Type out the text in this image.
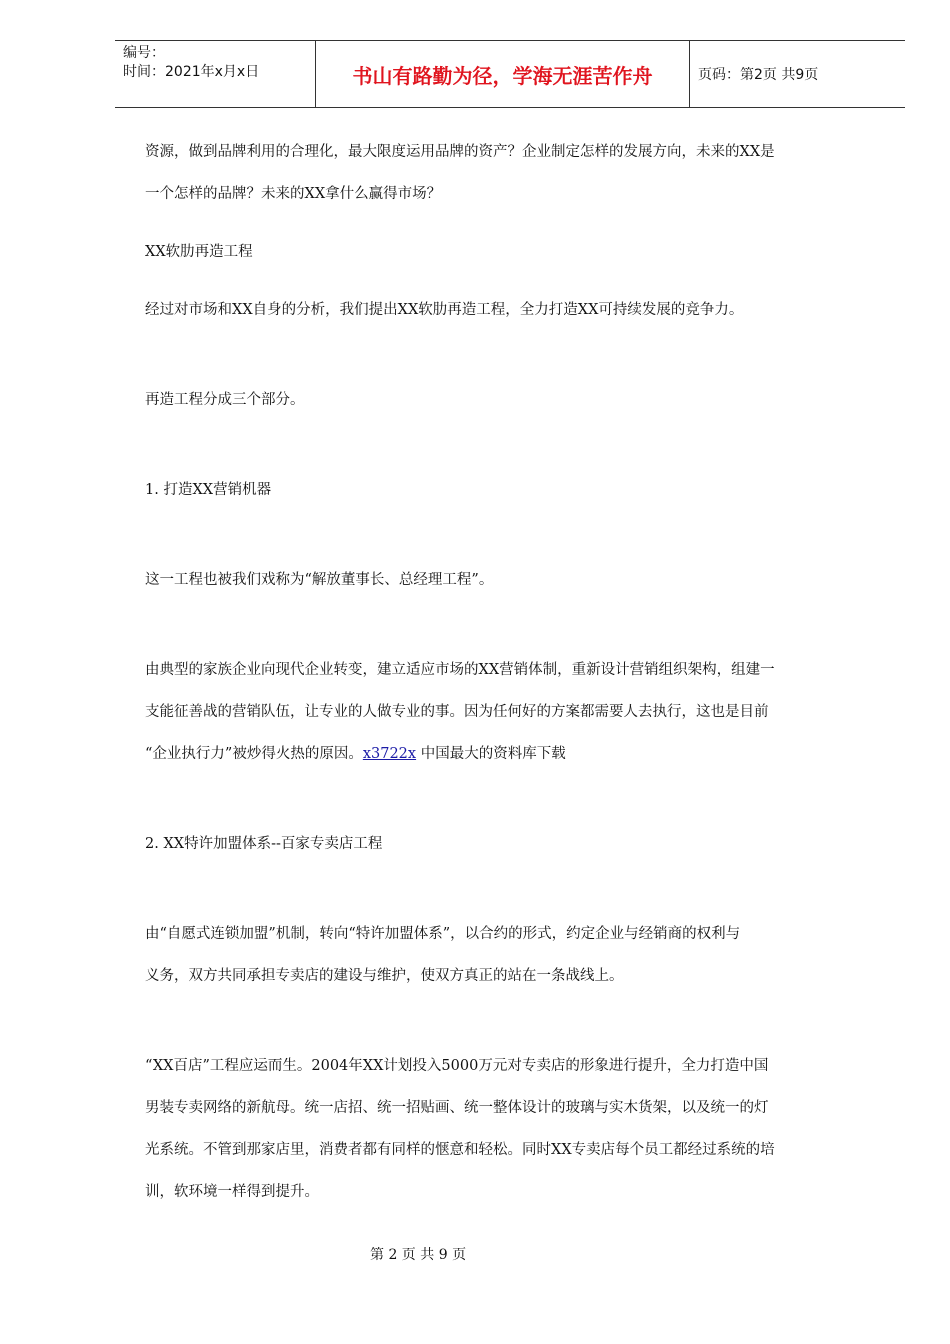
编号：
时间：2021年x月x日	书山有路勤为径，学海无涯苦作舟	页码：第2页 共9页

资源，做到品牌利用的合理化，最大限度运用品牌的资产？企业制定怎样的发展方向，未来的XX是

一个怎样的品牌？未来的XX拿什么赢得市场？

XX软肋再造工程

经过对市场和XX自身的分析，我们提出XX软肋再造工程，全力打造XX可持续发展的竞争力。

再造工程分成三个部分。

1. 打造XX营销机器

这一工程也被我们戏称为“解放董事长、总经理工程”。

由典型的家族企业向现代企业转变，建立适应市场的XX营销体制，重新设计营销组织架构，组建一

支能征善战的营销队伍，让专业的人做专业的事。因为任何好的方案都需要人去执行，这也是目前

“企业执行力”被炒得火热的原因。x3722x 中国最大的资料库下载

2. XX特许加盟体系--百家专卖店工程

由“自愿式连锁加盟”机制，转向“特许加盟体系”，以合约的形式，约定企业与经销商的权利与

义务，双方共同承担专卖店的建设与维护，使双方真正的站在一条战线上。

“XX百店”工程应运而生。2004年XX计划投入5000万元对专卖店的形象进行提升，全力打造中国

男装专卖网络的新航母。统一店招、统一招贴画、统一整体设计的玻璃与实木货架，以及统一的灯

光系统。不管到那家店里，消费者都有同样的惬意和轻松。同时XX专卖店每个员工都经过系统的培

训，软环境一样得到提升。

第 2 页 共 9 页
